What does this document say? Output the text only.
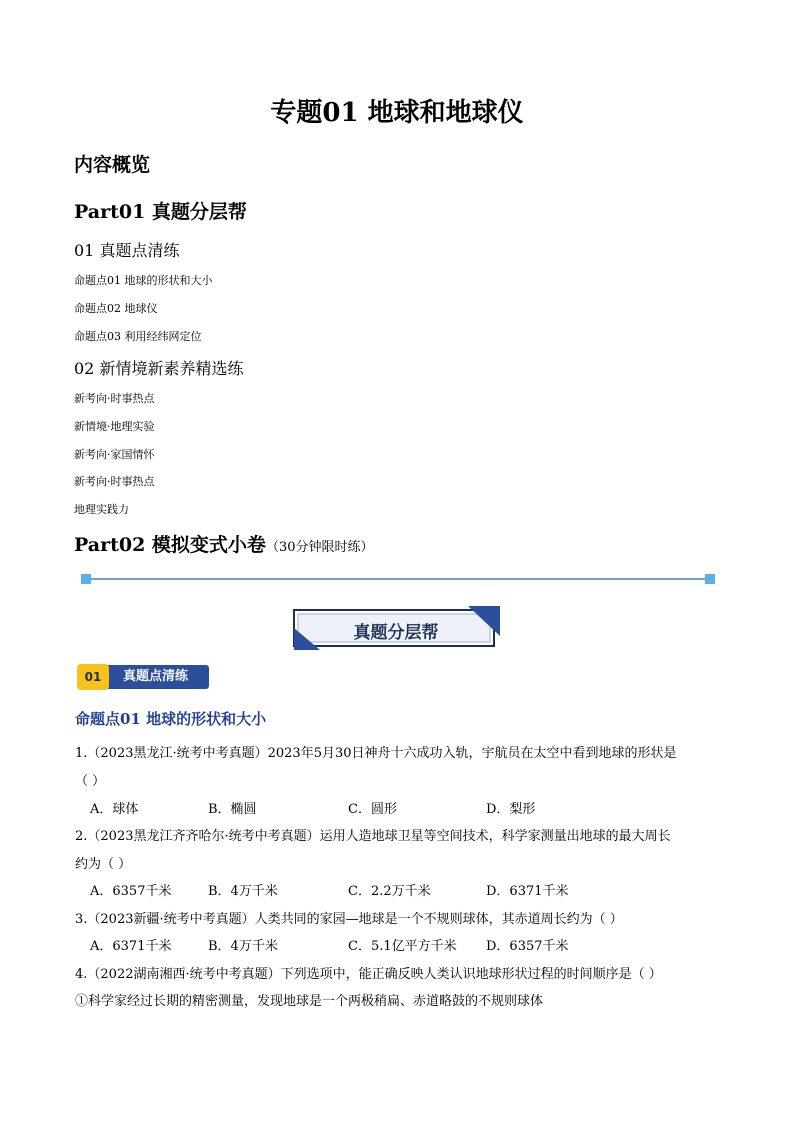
专题01 地球和地球仪
内容概览
Part01 真题分层帮
01 真题点清练
命题点01 地球的形状和大小
命题点02 地球仪
命题点03 利用经纬网定位
02 新情境新素养精选练
新考向·时事热点
新情境·地理实验
新考向·家国情怀
新考向·时事热点
地理实践力
Part02 模拟变式小卷（30分钟限时练）
真题分层帮
真题点清练
01
命题点01 地球的形状和大小
1.（2023黑龙江·统考中考真题）2023年5月30日神舟十六成功入轨，宇航员在太空中看到地球的形状是
（ ）
A．球体	B．椭圆	C．圆形	D．梨形
2.（2023黑龙江齐齐哈尔·统考中考真题）运用人造地球卫星等空间技术，科学家测量出地球的最大周长
约为（ ）
A．6357千米	B．4万千米	C．2.2万千米	D．6371千米
3.（2023新疆·统考中考真题）人类共同的家园—地球是一个不规则球体，其赤道周长约为（ ）
A．6371千米	B．4万千米	C．5.1亿平方千米 D．6357千米
4.（2022湖南湘西·统考中考真题）下列选项中，能正确反映人类认识地球形状过程的时间顺序是（ ）
①科学家经过长期的精密测量，发现地球是一个两极稍扁、赤道略鼓的不规则球体
